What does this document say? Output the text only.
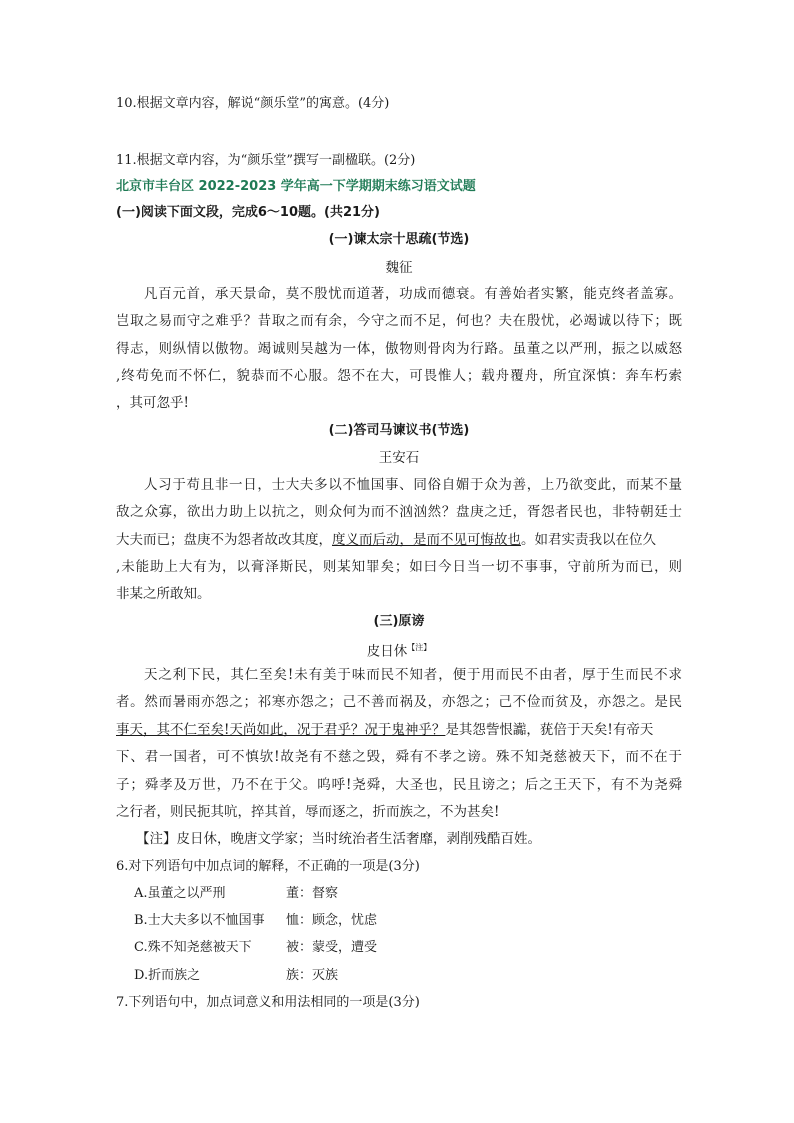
10.根据文章内容，解说“颜乐堂”的寓意。(4分)
11.根据文章内容，为“颜乐堂”撰写一副楹联。(2分)
北京市丰台区 2022-2023 学年高一下学期期末练习语文试题
(一)阅读下面文段，完成6～10题。(共21分)
(一)谏太宗十思疏(节选)
魏征
凡百元首，承天景命，莫不殷忧而道著，功成而德衰。有善始者实繁，能克终者盖寡。
岂取之易而守之难乎？昔取之而有余，今守之而不足，何也？夫在殷忧，必竭诚以待下；既
得志，则纵情以傲物。竭诚则吴越为一体，傲物则骨肉为行路。虽董之以严刑，振之以威怒
,终苟免而不怀仁，貌恭而不心服。怨不在大，可畏惟人；载舟覆舟，所宜深慎：奔车朽索
，其可忽乎!
(二)答司马谏议书(节选)
王安石
人习于苟且非一日，士大夫多以不恤国事、同俗自媚于众为善，上乃欲变此，而某不量
敌之众寡，欲出力助上以抗之，则众何为而不汹汹然？盘庚之迁，胥怨者民也，非特朝廷士
大夫而已；盘庚不为怨者故改其度，度义而后动，是而不见可悔故也。如君实责我以在位久
,未能助上大有为，以膏泽斯民，则某知罪矣；如曰今日当一切不事事，守前所为而已，则
非某之所敢知。
(三)原谤
皮日休$^{【注】}$
天之利下民，其仁至矣!未有美于味而民不知者，便于用而民不由者，厚于生而民不求
者。然而暑雨亦怨之；祁寒亦怨之；己不善而祸及，亦怨之；己不俭而贫及，亦怨之。是民
事天，其不仁至矣!天尚如此，况于君乎？况于鬼神乎？是其怨訾恨讟，莸倍于天矣!有帝天
下、君一国者，可不慎欤!故尧有不慈之毁，舜有不孝之谤。殊不知尧慈被天下，而不在于
子；舜孝及万世，乃不在于父。呜呼!尧舜，大圣也，民且谤之；后之王天下，有不为尧舜
之行者，则民扼其吭，捽其首，辱而逐之，折而族之，不为甚矣!
【注】皮日休，晚唐文学家；当时统治者生活奢靡，剥削残酷百姓。
6.对下列语句中加点词的解释，不正确的一项是(3分)
A.虽董之以严刑	董：督察
B.士大夫多以不恤国事 恤：顾念，忧虑
C.殊不知尧慈被天下	被：蒙受，遭受
D.折而族之	族：灭族
7.下列语句中，加点词意义和用法相同的一项是(3分)
